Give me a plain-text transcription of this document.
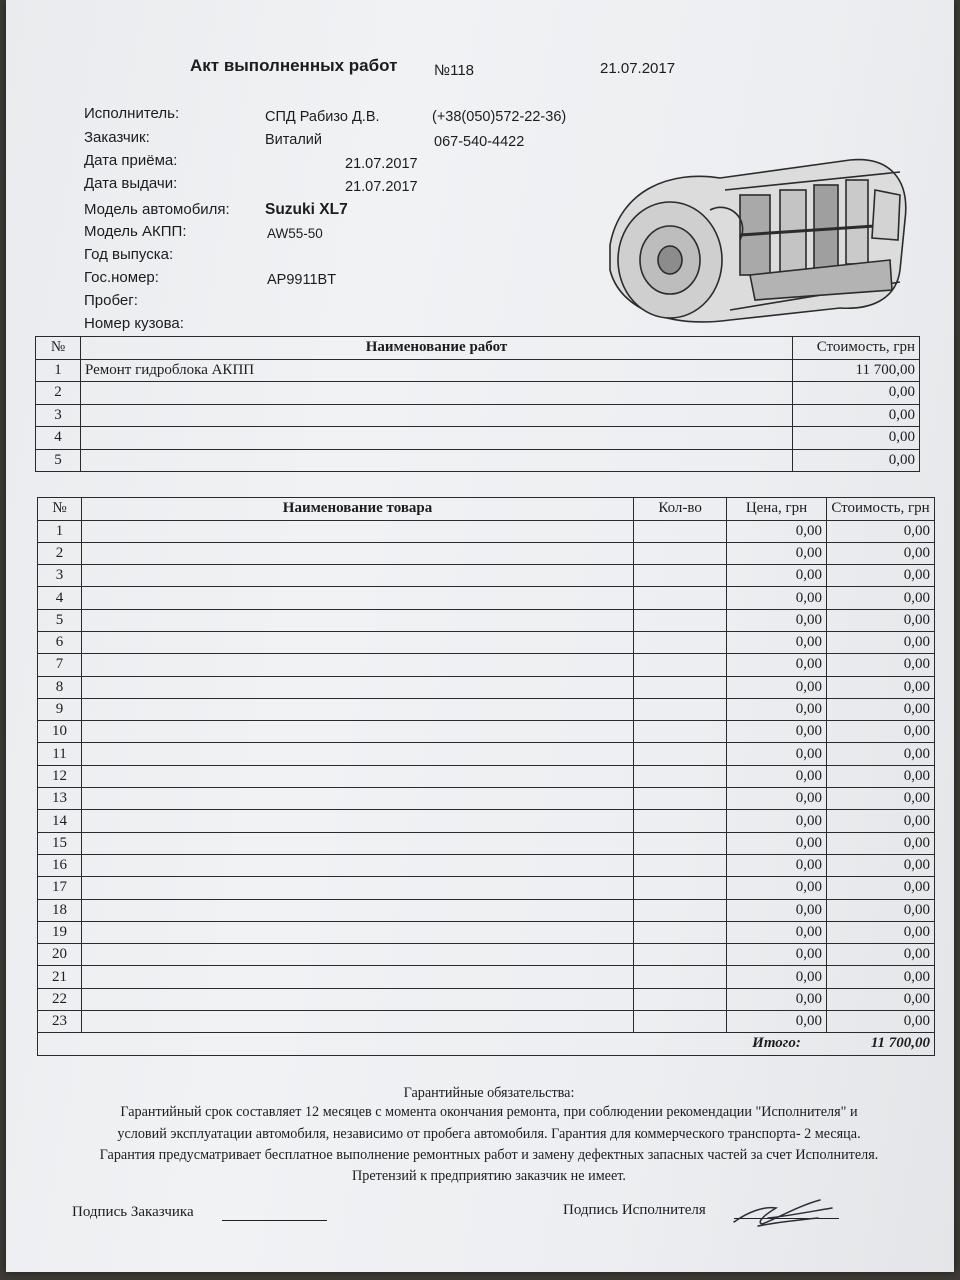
Акт выполненных работ №118	21.07.2017
Исполнитель:	СПД Рабизо Д.В.	(+38(050)572-22-36)
Заказчик:	Виталий	067-540-4422
Дата приёма:	21.07.2017
Дата выдачи:	21.07.2017
Модель автомобиля: Suzuki XL7
Модель АКПП:	AW55-50
Год выпуска:
Гос.номер:	AP9911BT
Пробег:
Номер кузова:
№	Наименование работ	Стоимость, грн
1	Ремонт гидроблока АКПП	11 700,00
2		0,00
3		0,00
4		0,00
5		0,00
№	Наименование товара	Кол-во	Цена, грн	Стоимость, грн
1			0,00	0,00
2			0,00	0,00
3			0,00	0,00
4			0,00	0,00
5			0,00	0,00
6			0,00	0,00
7			0,00	0,00
8			0,00	0,00
9			0,00	0,00
10			0,00	0,00
11			0,00	0,00
12			0,00	0,00
13			0,00	0,00
14			0,00	0,00
15			0,00	0,00
16			0,00	0,00
17			0,00	0,00
18			0,00	0,00
19			0,00	0,00
20			0,00	0,00
21			0,00	0,00
22			0,00	0,00
23			0,00	0,00
			Итого:	11 700,00
Гарантийные обязательства:
Гарантийный срок составляет 12 месяцев с момента окончания ремонта, при соблюдении рекомендации "Исполнителя" и
условий эксплуатации автомобиля, независимо от пробега автомобиля. Гарантия для коммерческого транспорта- 2 месяца.
Гарантия предусматривает бесплатное выполнение ремонтных работ и замену дефектных запасных частей за счет Исполнителя.
Претензий к предприятию заказчик не имеет.
Подпись Заказчика	Подпись Исполнителя
